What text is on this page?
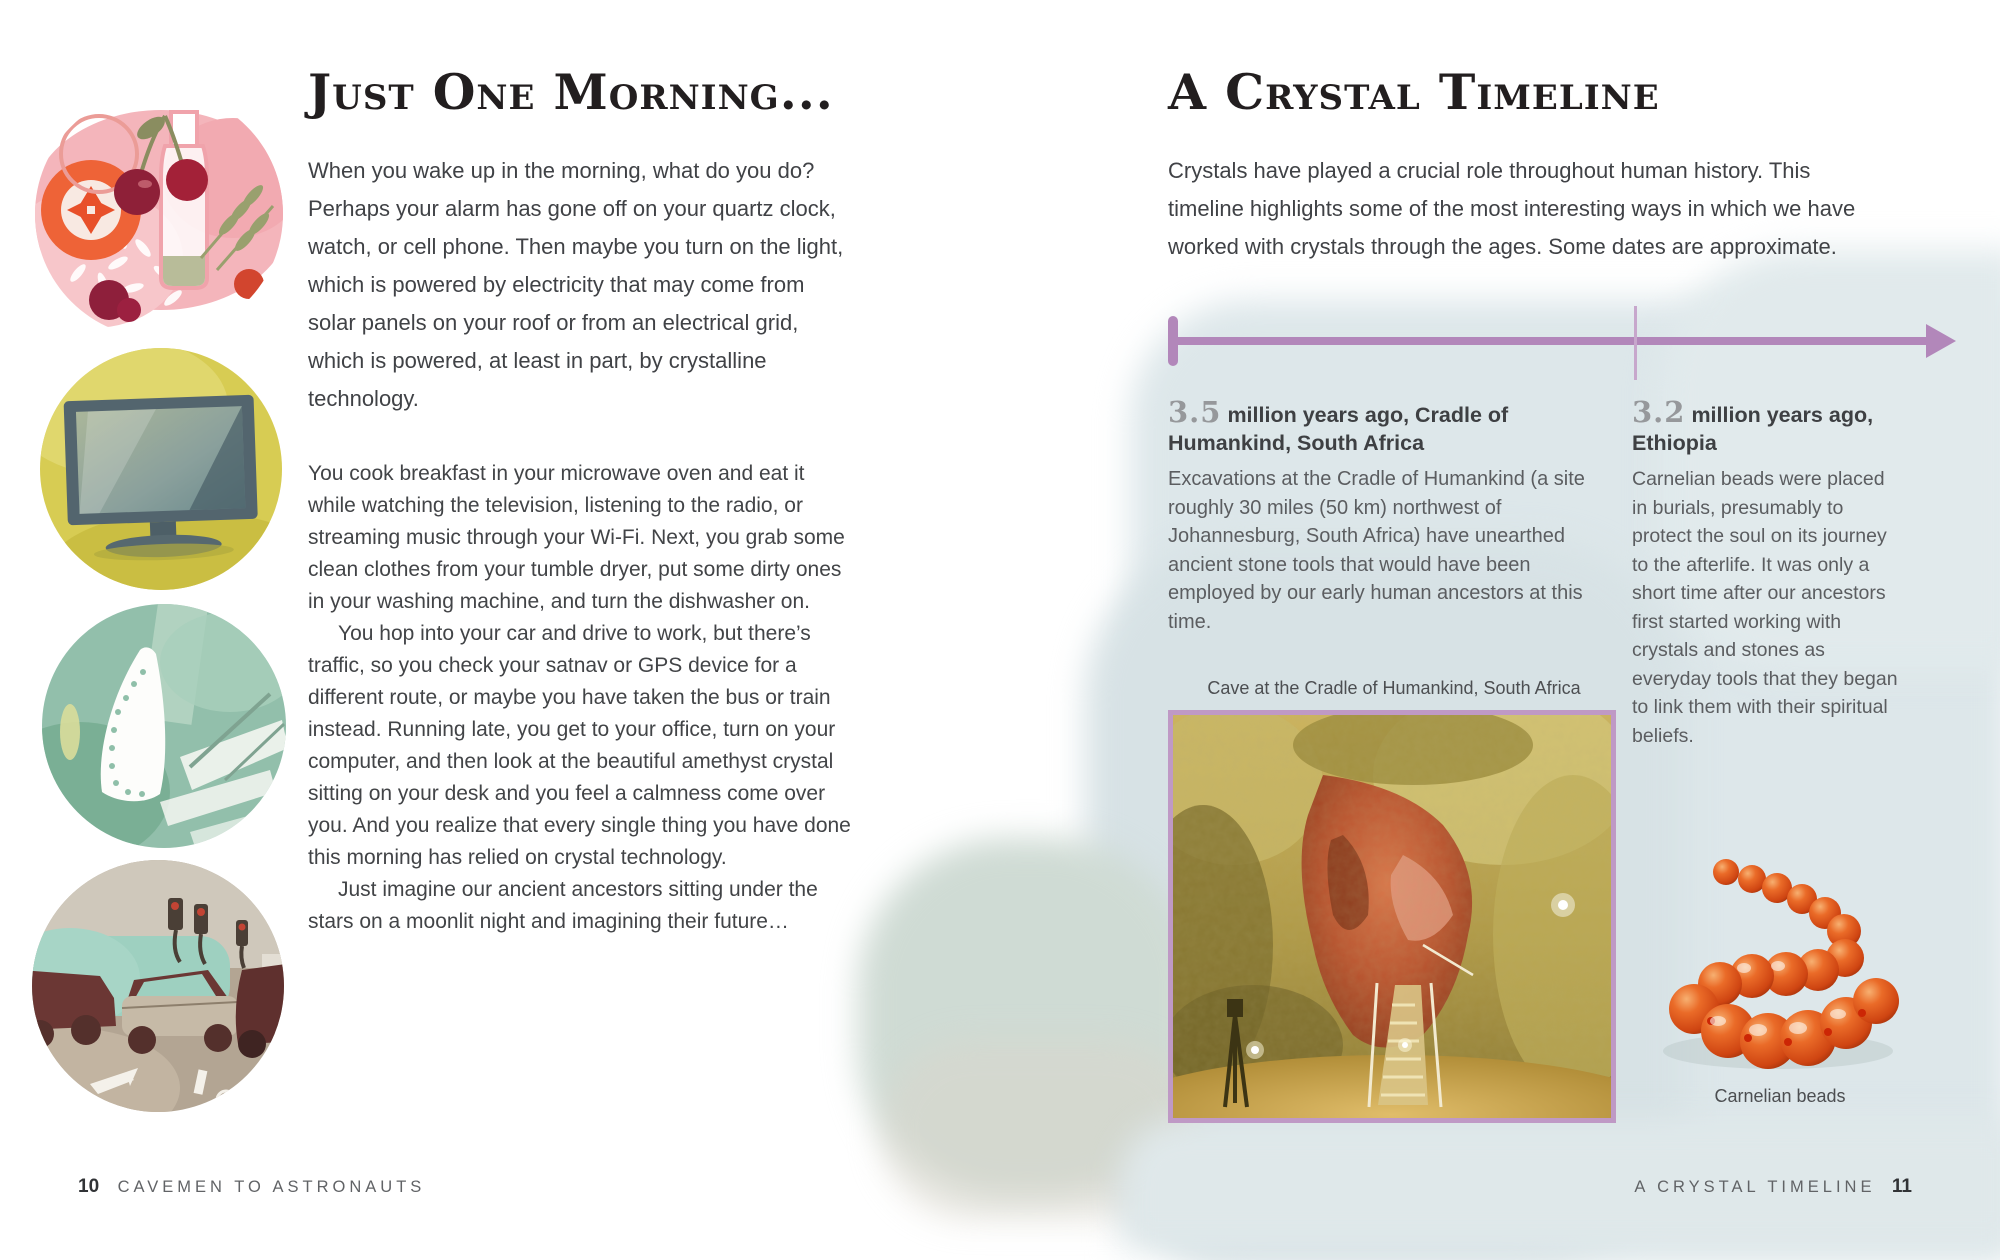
Just One Morning...
When you wake up in the morning, what do you do? Perhaps your alarm has gone off on your quartz clock, watch, or cell phone. Then maybe you turn on the light, which is powered by electricity that may come from solar panels on your roof or from an electrical grid, which is powered, at least in part, by crystalline technology.

You cook breakfast in your microwave oven and eat it while watching the television, listening to the radio, or streaming music through your Wi-Fi. Next, you grab some clean clothes from your tumble dryer, put some dirty ones in your washing machine, and turn the dishwasher on.

You hop into your car and drive to work, but there’s traffic, so you check your satnav or GPS device for a different route, or maybe you have taken the bus or train instead. Running late, you get to your office, turn on your computer, and then look at the beautiful amethyst crystal sitting on your desk and you feel a calmness come over you. And you realize that every single thing you have done this morning has relied on crystal technology.

Just imagine our ancient ancestors sitting under the stars on a moonlit night and imagining their future…

10 CAVEMEN TO ASTRONAUTS
A Crystal Timeline
Crystals have played a crucial role throughout human history. This timeline highlights some of the most interesting ways in which we have worked with crystals through the ages. Some dates are approximate.
3.5 million years ago, Cradle of Humankind, South Africa
Excavations at the Cradle of Humankind (a site roughly 30 miles (50 km) northwest of Johannesburg, South Africa) have unearthed ancient stone tools that would have been employed by our early human ancestors at this time.
Cave at the Cradle of Humankind, South Africa
3.2 million years ago, Ethiopia
Carnelian beads were placed in burials, presumably to protect the soul on its journey to the afterlife. It was only a short time after our ancestors first started working with crystals and stones as everyday tools that they began to link them with their spiritual beliefs.
Carnelian beads
A CRYSTAL TIMELINE 11
